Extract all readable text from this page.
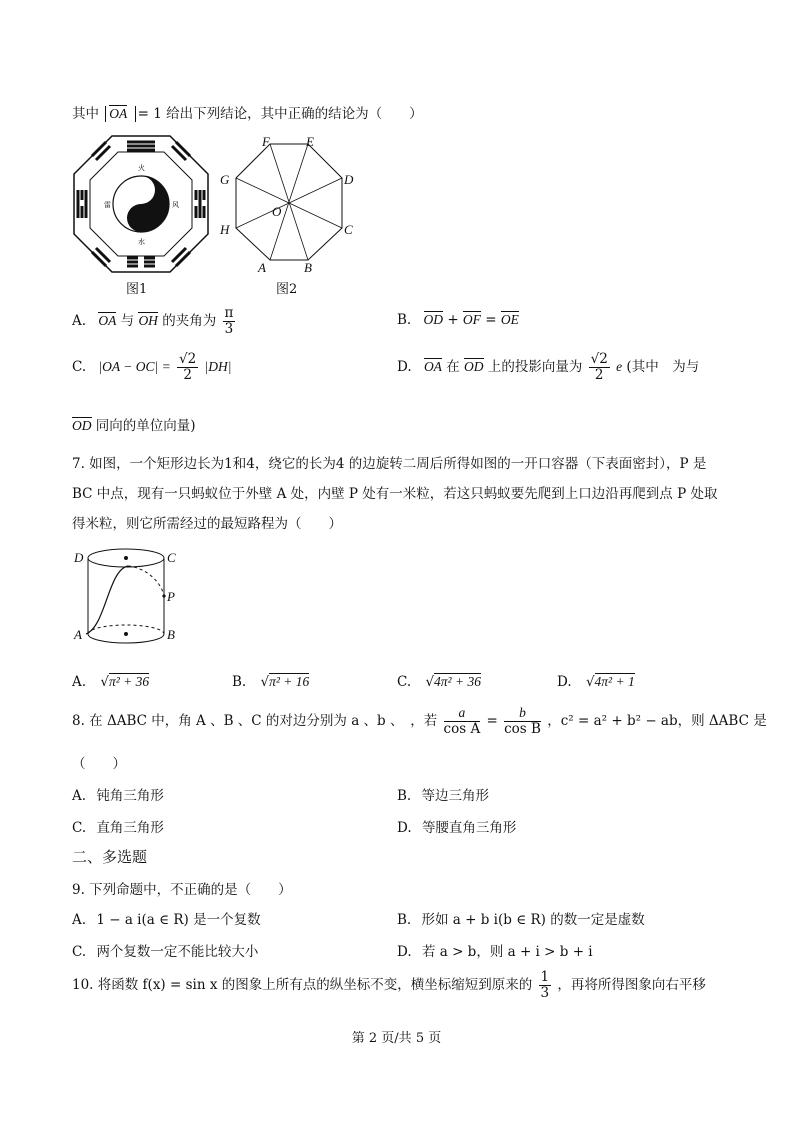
其中 OA = 1 给出下列结论，其中正确的结论为（　　）
火
水
雷	风
图1
F	E
G	D
O
H	C
A	B
图2
A. OA 与 OH 的夹角为 $\frac{\pi}{3}$	B. OD + OF = OE
C. $|OA - OC| = \frac{√2}{2} |DH|$	D. OA 在 OD 上的投影向量为 $\frac{√2}{2}$ e (其中　为与
OD 同向的单位向量)
7. 如图，一个矩形边长为1和4，绕它的长为4 的边旋转二周后所得如图的一开口容器（下表面密封），P 是
BC 中点，现有一只蚂蚁位于外壁 A 处，内壁 P 处有一米粒，若这只蚂蚁要先爬到上口边沿再爬到点 P 处取
得米粒，则它所需经过的最短路程为（　　）
D	C
P
A	B
A. √π² + 36	B. √π² + 16	C. √4π² + 36	D. √4π² + 1
8. 在 ΔABC 中，角 A 、B 、C 的对边分别为 a 、b 、　，若 $\frac{a}{\text{cos A}} = \frac{b}{\text{cos B}}$ ，c² = a² + b² − ab，则 ΔABC 是
（　　）
A. 钝角三角形	B. 等边三角形
C. 直角三角形	D. 等腰直角三角形
二、多选题
9. 下列命题中，不正确的是（　　）
A. 1 − a i(a ∈ R) 是一个复数	B. 形如 a + b i(b ∈ R) 的数一定是虚数
C. 两个复数一定不能比较大小	D. 若 a > b，则 a + i > b + i
10. 将函数 f(x) = sin x 的图象上所有点的纵坐标不变，横坐标缩短到原来的 $\frac{1}{3}$ ，再将所得图象向右平移
第 2 页/共 5 页
